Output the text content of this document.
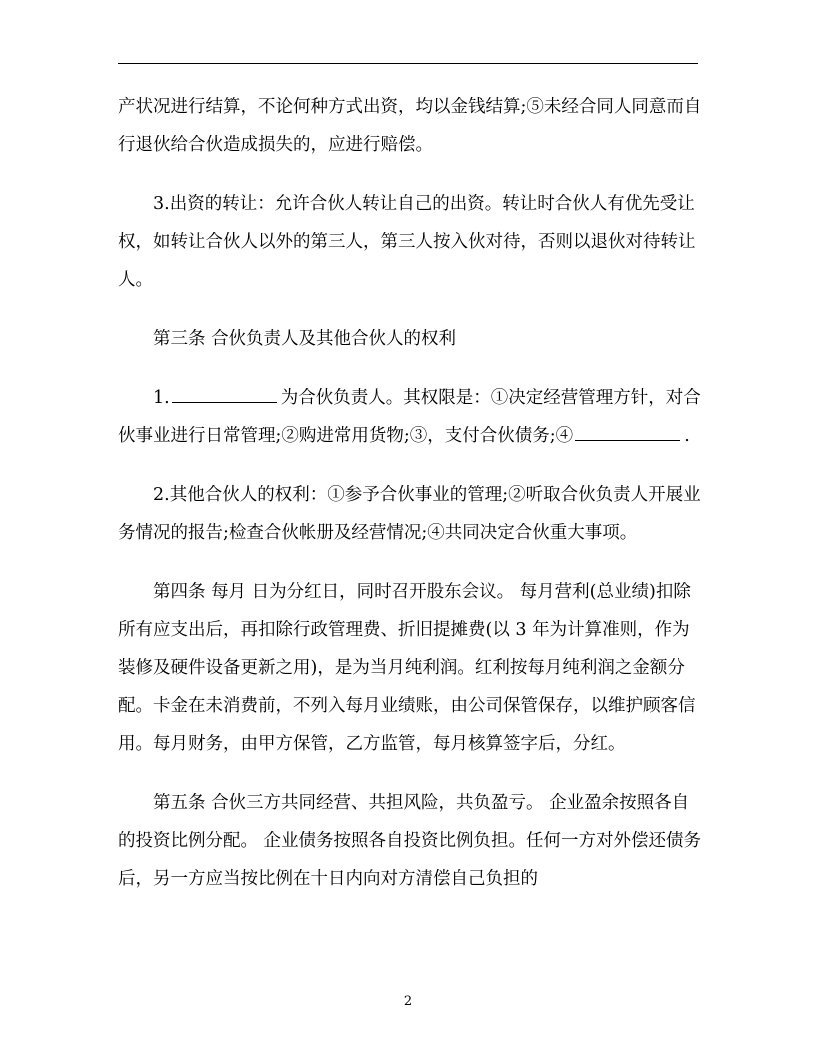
产状况进行结算，不论何种方式出资，均以金钱结算;⑤未经合同人同意而自行退伙给合伙造成损失的，应进行赔偿。

3.出资的转让：允许合伙人转让自己的出资。转让时合伙人有优先受让权，如转让合伙人以外的第三人，第三人按入伙对待，否则以退伙对待转让人。

第三条 合伙负责人及其他合伙人的权利

1.	为合伙负责人。其权限是：①决定经营管理方针，对合伙事业进行日常管理;②购进常用货物;③，支付合伙债务;④	.

2.其他合伙人的权利：①参予合伙事业的管理;②听取合伙负责人开展业务情况的报告;检查合伙帐册及经营情况;④共同决定合伙重大事项。

第四条 每月 日为分红日，同时召开股东会议。 每月营利(总业绩)扣除所有应支出后，再扣除行政管理费、折旧提摊费(以 3 年为计算准则，作为装修及硬件设备更新之用)，是为当月纯利润。红利按每月纯利润之金额分配。卡金在未消费前，不列入每月业绩账，由公司保管保存，以维护顾客信用。每月财务，由甲方保管，乙方监管，每月核算签字后，分红。

第五条 合伙三方共同经营、共担风险，共负盈亏。 企业盈余按照各自的投资比例分配。 企业债务按照各自投资比例负担。任何一方对外偿还债务后，另一方应当按比例在十日内向对方清偿自己负担的

2
